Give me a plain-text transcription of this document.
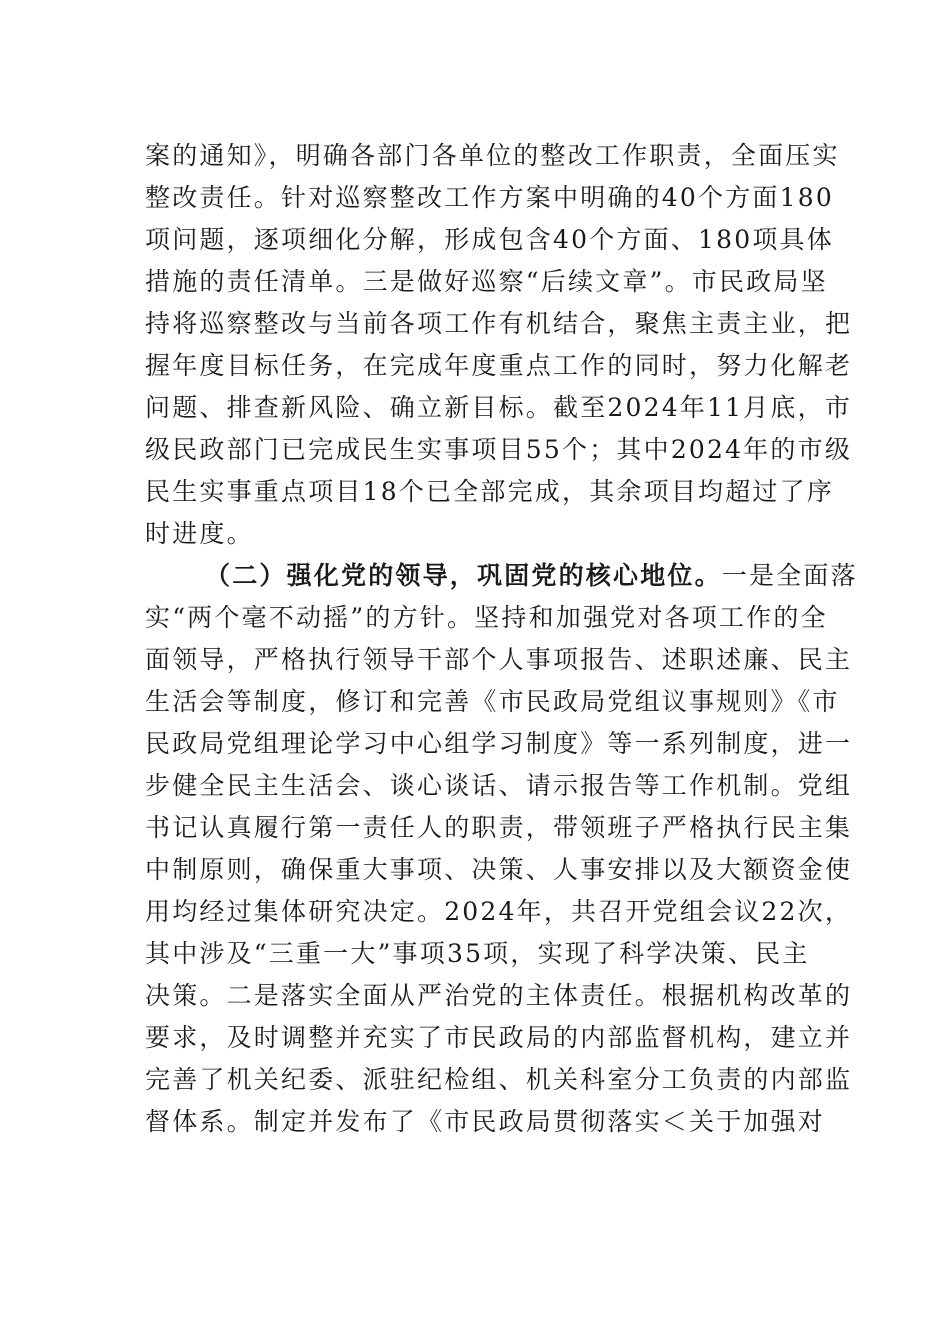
案的通知》，明确各部门各单位的整改工作职责，全面压实
整改责任。针对巡察整改工作方案中明确的40个方面180
项问题，逐项细化分解，形成包含40个方面、180项具体
措施的责任清单。三是做好巡察“后续文章”。市民政局坚
持将巡察整改与当前各项工作有机结合，聚焦主责主业，把
握年度目标任务，在完成年度重点工作的同时，努力化解老
问题、排查新风险、确立新目标。截至2024年11月底，市
级民政部门已完成民生实事项目55个；其中2024年的市级
民生实事重点项目18个已全部完成，其余项目均超过了序
时进度。
（二）强化党的领导，巩固党的核心地位。一是全面落
实“两个毫不动摇”的方针。坚持和加强党对各项工作的全
面领导，严格执行领导干部个人事项报告、述职述廉、民主
生活会等制度，修订和完善《市民政局党组议事规则》《市
民政局党组理论学习中心组学习制度》等一系列制度，进一
步健全民主生活会、谈心谈话、请示报告等工作机制。党组
书记认真履行第一责任人的职责，带领班子严格执行民主集
中制原则，确保重大事项、决策、人事安排以及大额资金使
用均经过集体研究决定。2024年，共召开党组会议22次，
其中涉及“三重一大”事项35项，实现了科学决策、民主
决策。二是落实全面从严治党的主体责任。根据机构改革的
要求，及时调整并充实了市民政局的内部监督机构，建立并
完善了机关纪委、派驻纪检组、机关科室分工负责的内部监
督体系。制定并发布了《市民政局贯彻落实＜关于加强对
